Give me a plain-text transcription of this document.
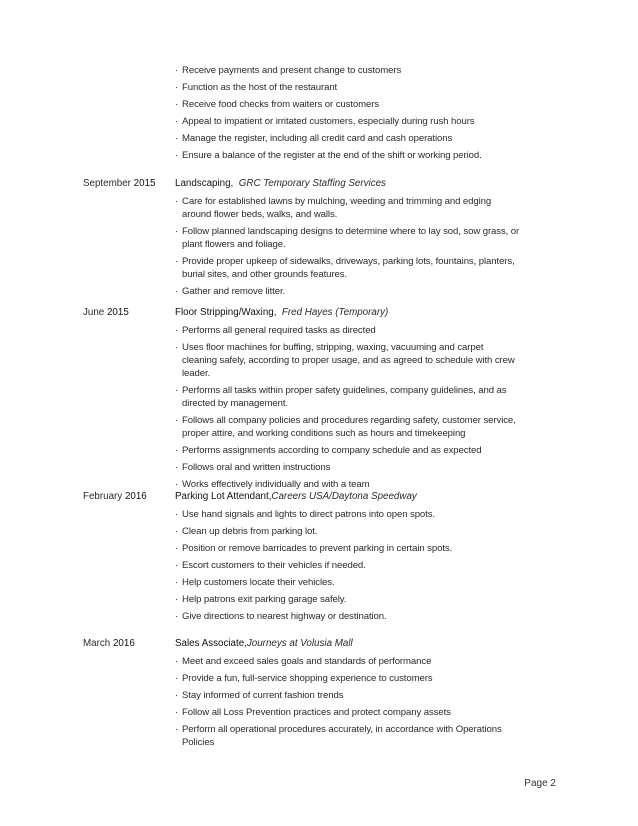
· Receive payments and present change to customers
· Function as the host of the restaurant
· Receive food checks from waiters or customers
· Appeal to impatient or irritated customers, especially during rush hours
· Manage the register, including all credit card and cash operations
· Ensure a balance of the register at the end of the shift or working period.
September 2015 Landscaping, GRC Temporary Staffing Services
· Care for established lawns by mulching, weeding and trimming and edging around flower beds, walks, and walls.
· Follow planned landscaping designs to determine where to lay sod, sow grass, or plant flowers and foliage.
· Provide proper upkeep of sidewalks, driveways, parking lots, fountains, planters, burial sites, and other grounds features.
· Gather and remove litter.
June 2015	Floor Stripping/Waxing, Fred Hayes (Temporary)
· Performs all general required tasks as directed
· Uses floor machines for buffing, stripping, waxing, vacuuming and carpet cleaning safely, according to proper usage, and as agreed to schedule with crew leader.
· Performs all tasks within proper safety guidelines, company guidelines, and as directed by management.
· Follows all company policies and procedures regarding safety, customer service, proper attire, and working conditions such as hours and timekeeping
· Performs assignments according to company schedule and as expected
· Follows oral and written instructions
· Works effectively individually and with a team
February 2016	Parking Lot Attendant,Careers USA/Daytona Speedway
· Use hand signals and lights to direct patrons into open spots.
· Clean up debris from parking lot.
· Position or remove barricades to prevent parking in certain spots.
· Escort customers to their vehicles if needed.
· Help customers locate their vehicles.
· Help patrons exit parking garage safely.
· Give directions to nearest highway or destination.
March 2016	Sales Associate,Journeys at Volusia Mall
· Meet and exceed sales goals and standards of performance
· Provide a fun, full-service shopping experience to customers
· Stay informed of current fashion trends
· Follow all Loss Prevention practices and protect company assets
· Perform all operational procedures accurately, in accordance with Operations Policies
Page 2
